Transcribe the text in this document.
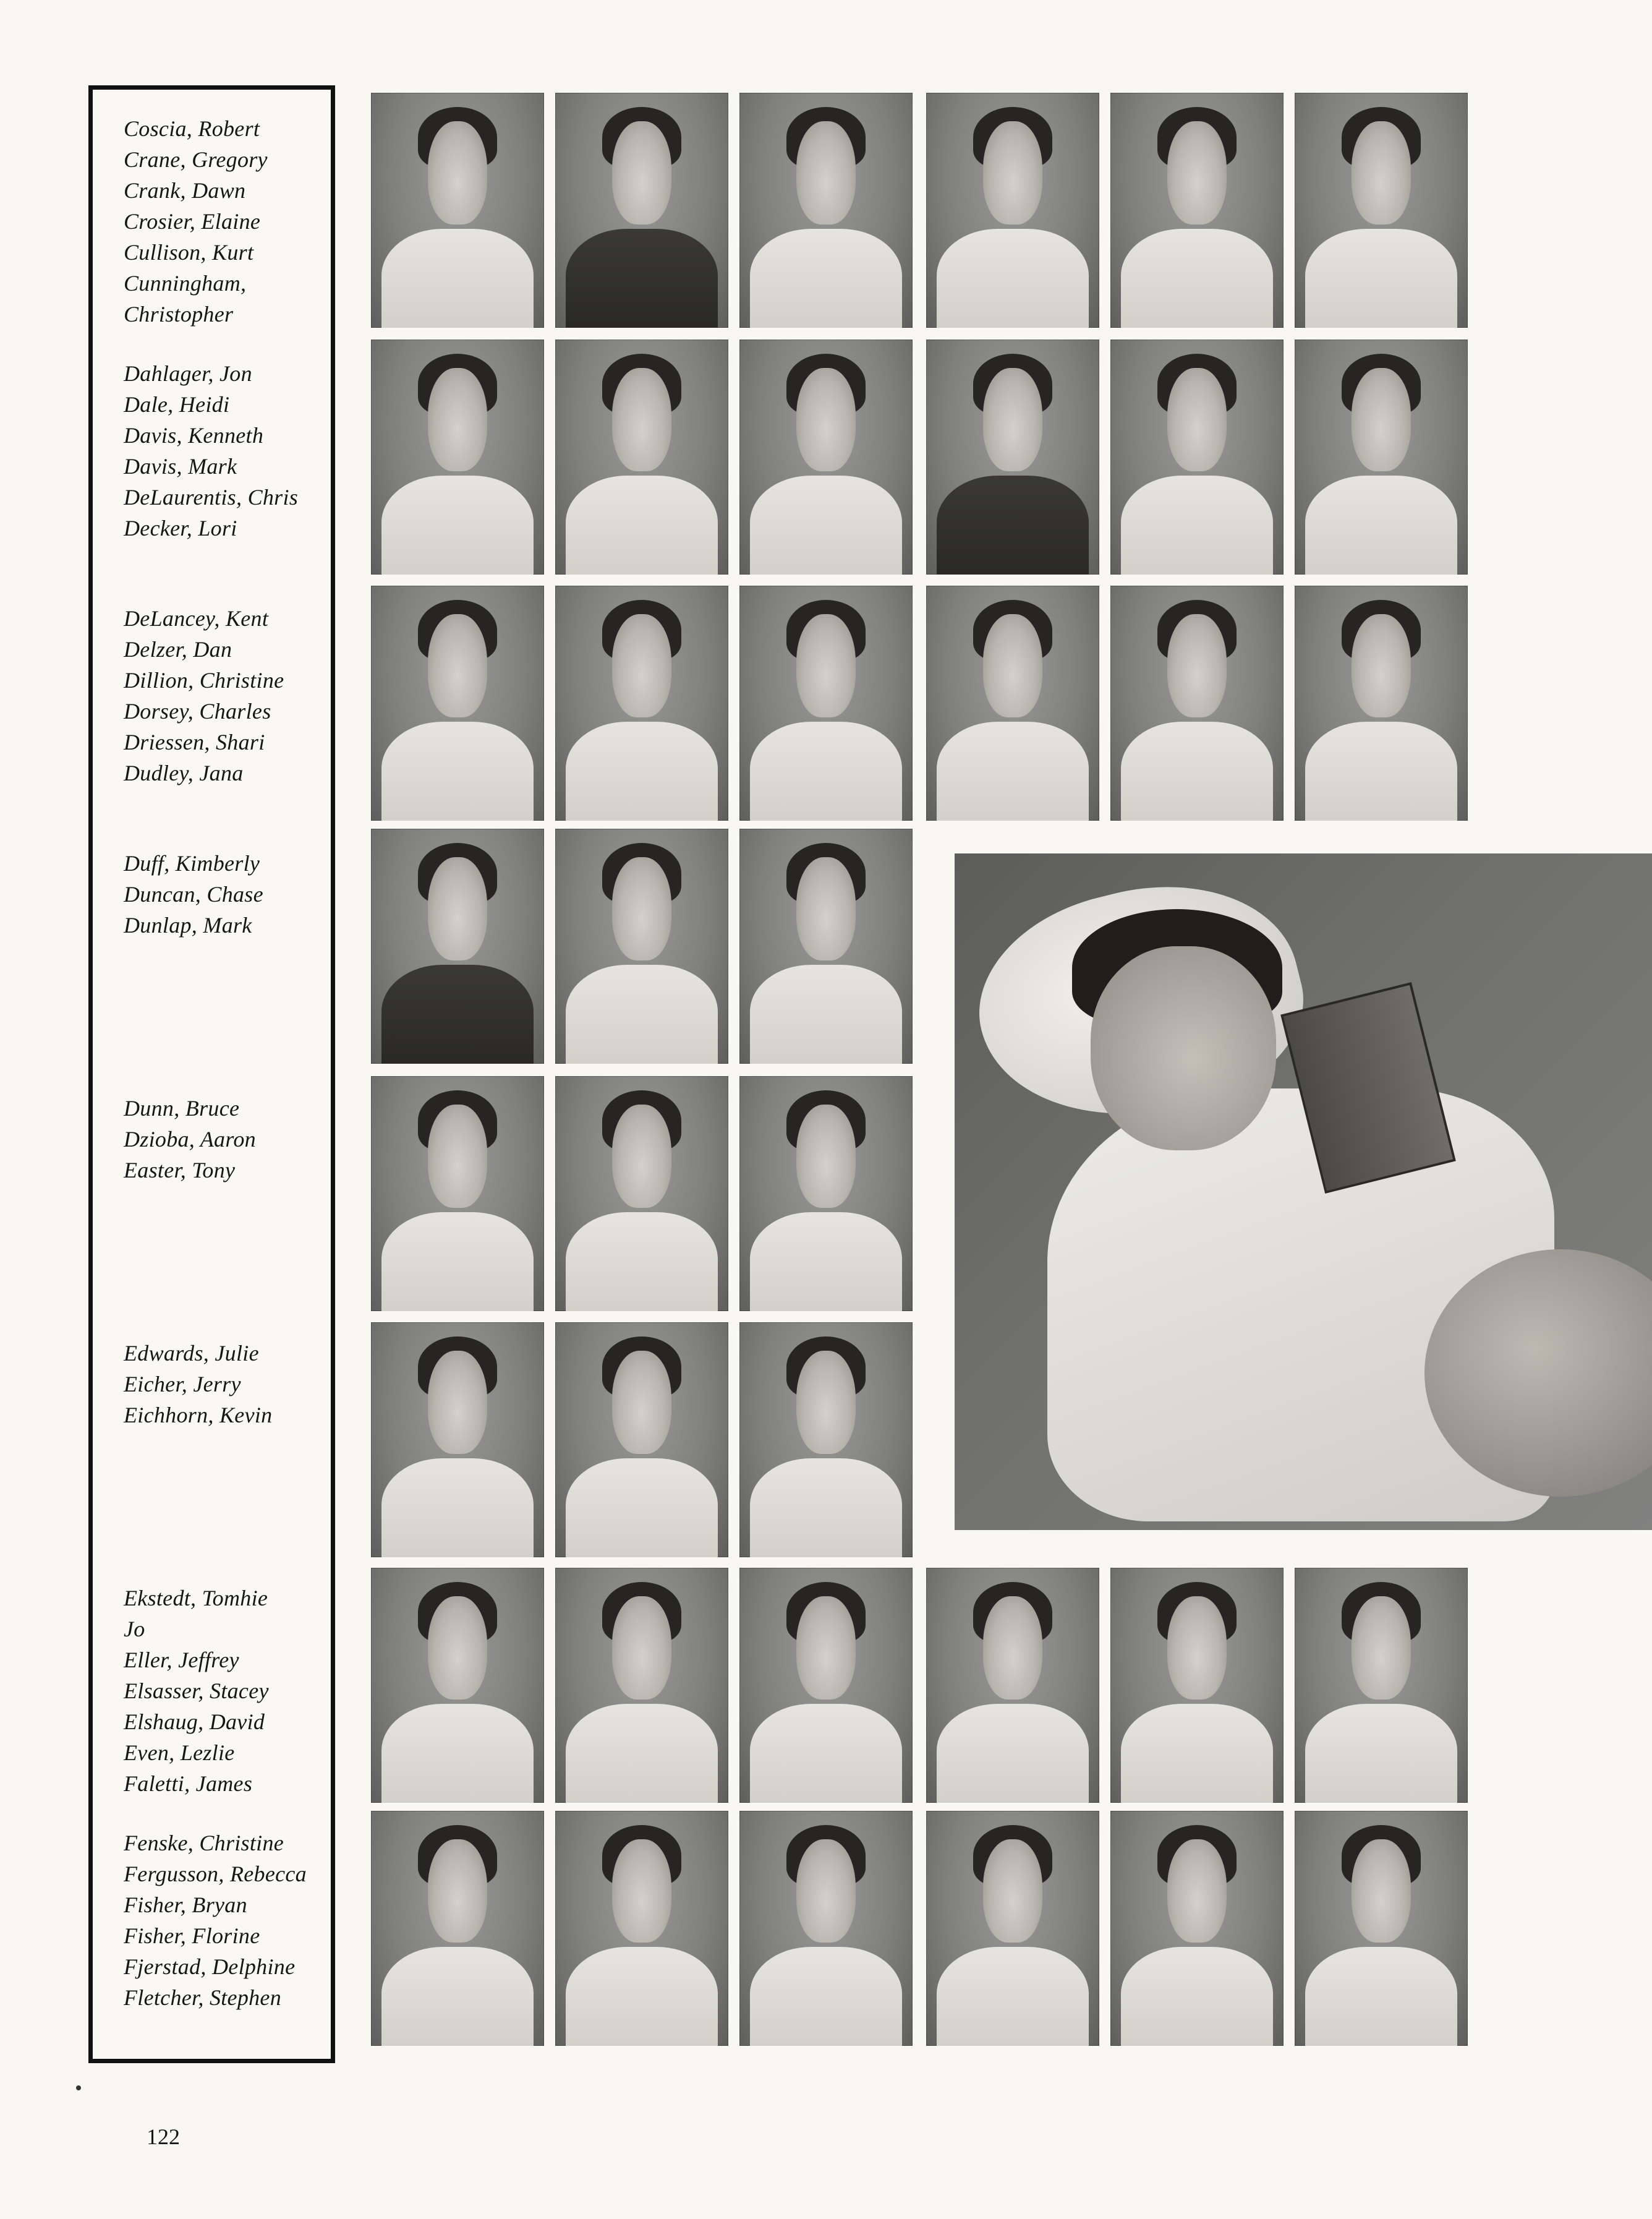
Coscia, Robert
Crane, Gregory
Crank, Dawn
Crosier, Elaine
Cullison, Kurt
Cunningham,
Christopher
Dahlager, Jon
Dale, Heidi
Davis, Kenneth
Davis, Mark
DeLaurentis, Chris
Decker, Lori
DeLancey, Kent
Delzer, Dan
Dillion, Christine
Dorsey, Charles
Driessen, Shari
Dudley, Jana
Duff, Kimberly
Duncan, Chase
Dunlap, Mark
Dunn, Bruce
Dzioba, Aaron
Easter, Tony
Edwards, Julie
Eicher, Jerry
Eichhorn, Kevin
Ekstedt, Tomhie
Jo
Eller, Jeffrey
Elsasser, Stacey
Elshaug, David
Even, Lezlie
Faletti, James
Fenske, Christine
Fergusson, Rebecca
Fisher, Bryan
Fisher, Florine
Fjerstad, Delphine
Fletcher, Stephen
122
